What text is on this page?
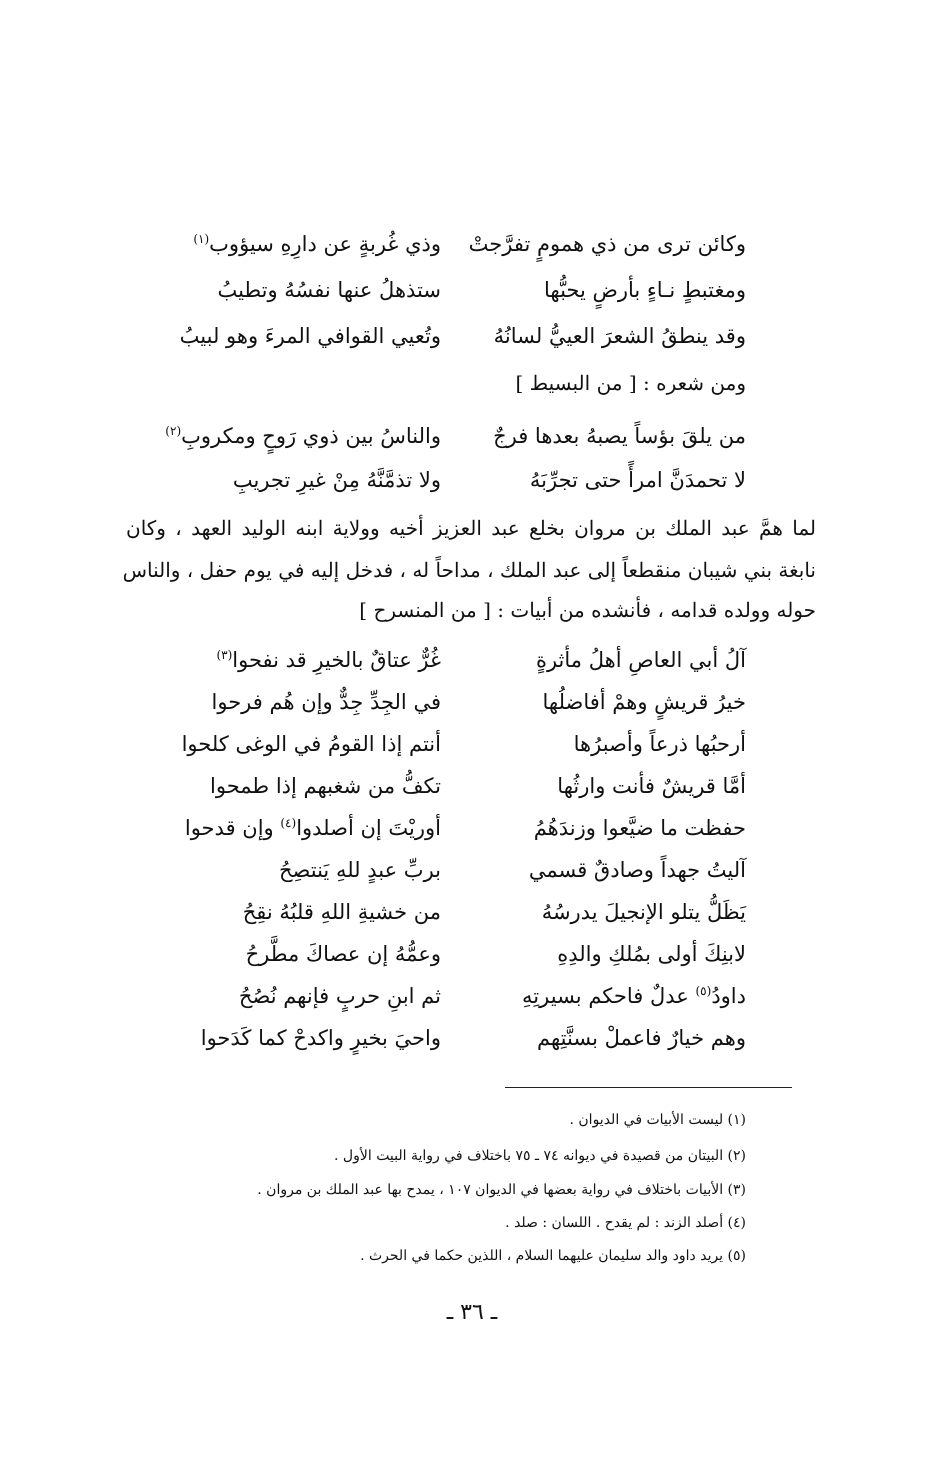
وكائن ترى من ذي همومٍ تفرَّجتْ
وذي غُربةٍ عن دارِهِ سيؤوب$^{(١)}$
ومغتبطٍ نـاءٍ بأرضٍ يحبُّها
ستذهلُ عنها نفسُهُ وتطيبُ
وقد ينطقُ الشعرَ العييُّ لسانُهُ
وتُعيي القوافي المرءَ وهو لبيبُ
ومن شعره : [ من البسيط ]
من يلقَ بؤساً يصبهُ بعدها فرجٌ
والناسُ بين ذوي رَوحٍ ومكروبِ$^{(٢)}$
لا تحمدَنَّ امرأً حتى تجرِّبَهُ
ولا تذمَّنَّهُ مِنْ غيرِ تجريبِ
لما همَّ عبد الملك بن مروان بخلع عبد العزيز أخيه وولاية ابنه الوليد العهد ، وكان
نابغة بني شيبان منقطعاً إلى عبد الملك ، مداحاً له ، فدخل إليه في يوم حفل ، والناس
حوله وولده قدامه ، فأنشده من أبيات : [ من المنسرح ]
آلُ أبي العاصِ أهلُ مأثرةٍ
غُرٌّ عتاقٌ بالخيرِ قد نفحوا$^{(٣)}$
خيرُ قريشٍ وهمْ أفاضلُها
في الجِدِّ جِدٌّ وإن هُم فرحوا
أرحبُها ذرعاً وأصبرُها
أنتم إذا القومُ في الوغى كلحوا
أمَّا قريشٌ فأنت وارثُها
تكفُّ من شغبهم إذا طمحوا
حفظت ما ضيَّعوا وزندَهُمُ
أوريْتَ إن أصلدوا$^{(٤)}$ وإن قدحوا
آليتُ جهداً وصادقٌ قسمي
بربِّ عبدٍ للهِ يَنتصِحُ
يَظَلُّ يتلو الإنجيلَ يدرسُهُ
من خشيةِ اللهِ قلبُهُ نقِحُ
لابنِكَ أولى بمُلكِ والدِهِ
وعمُّهُ إن عصاكَ مطَّرحُ
داودُ$^{(٥)}$ عدلٌ فاحكم بسيرتِهِ
ثم ابنِ حربٍ فإنهم نُصُحُ
وهم خيارٌ فاعملْ بسنَّتِهم
واحيَ بخيرٍ واكدحْ كما كَدَحوا
(١) ليست الأبيات في الديوان .
(٢) البيتان من قصيدة في ديوانه ٧٤ ـ ٧٥ باختلاف في رواية البيت الأول .
(٣) الأبيات باختلاف في رواية بعضها في الديوان ١٠٧ ، يمدح بها عبد الملك بن مروان .
(٤) أصلد الزند : لم يقدح . اللسان : صلد .
(٥) يريد داود والد سليمان عليهما السلام ، اللذين حكما في الحرث .
ـ ٣٦ ـ
